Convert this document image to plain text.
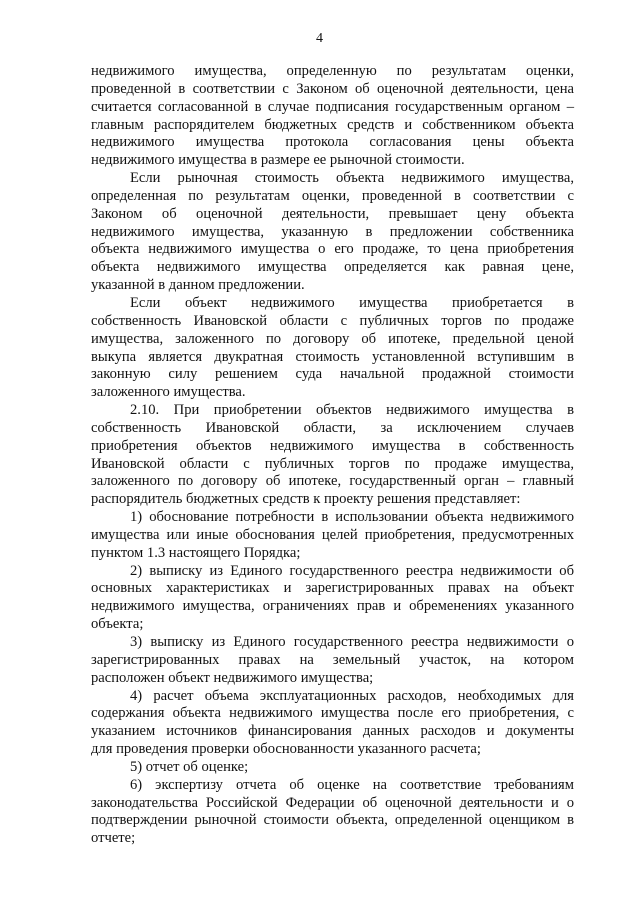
4
недвижимого имущества, определенную по результатам оценки,
проведенной в соответствии с Законом об оценочной деятельности, цена
считается согласованной в случае подписания государственным органом –
главным распорядителем бюджетных средств и собственником объекта
недвижимого имущества протокола согласования цены объекта
недвижимого имущества в размере ее рыночной стоимости.
Если рыночная стоимость объекта недвижимого имущества,
определенная по результатам оценки, проведенной в соответствии с
Законом об оценочной деятельности, превышает цену объекта
недвижимого имущества, указанную в предложении собственника
объекта недвижимого имущества о его продаже, то цена приобретения
объекта недвижимого имущества определяется как равная цене,
указанной в данном предложении.
Если объект недвижимого имущества приобретается в
собственность Ивановской области с публичных торгов по продаже
имущества, заложенного по договору об ипотеке, предельной ценой
выкупа является двукратная стоимость установленной вступившим в
законную силу решением суда начальной продажной стоимости
заложенного имущества.
2.10. При приобретении объектов недвижимого имущества в
собственность Ивановской области, за исключением случаев
приобретения объектов недвижимого имущества в собственность
Ивановской области с публичных торгов по продаже имущества,
заложенного по договору об ипотеке, государственный орган – главный
распорядитель бюджетных средств к проекту решения представляет:
1) обоснование потребности в использовании объекта недвижимого
имущества или иные обоснования целей приобретения, предусмотренных
пунктом 1.3 настоящего Порядка;
2) выписку из Единого государственного реестра недвижимости об
основных характеристиках и зарегистрированных правах на объект
недвижимого имущества, ограничениях прав и обременениях указанного
объекта;
3) выписку из Единого государственного реестра недвижимости о
зарегистрированных правах на земельный участок, на котором
расположен объект недвижимого имущества;
4) расчет объема эксплуатационных расходов, необходимых для
содержания объекта недвижимого имущества после его приобретения, с
указанием источников финансирования данных расходов и документы
для проведения проверки обоснованности указанного расчета;
5) отчет об оценке;
6) экспертизу отчета об оценке на соответствие требованиям
законодательства Российской Федерации об оценочной деятельности и о
подтверждении рыночной стоимости объекта, определенной оценщиком в
отчете;
